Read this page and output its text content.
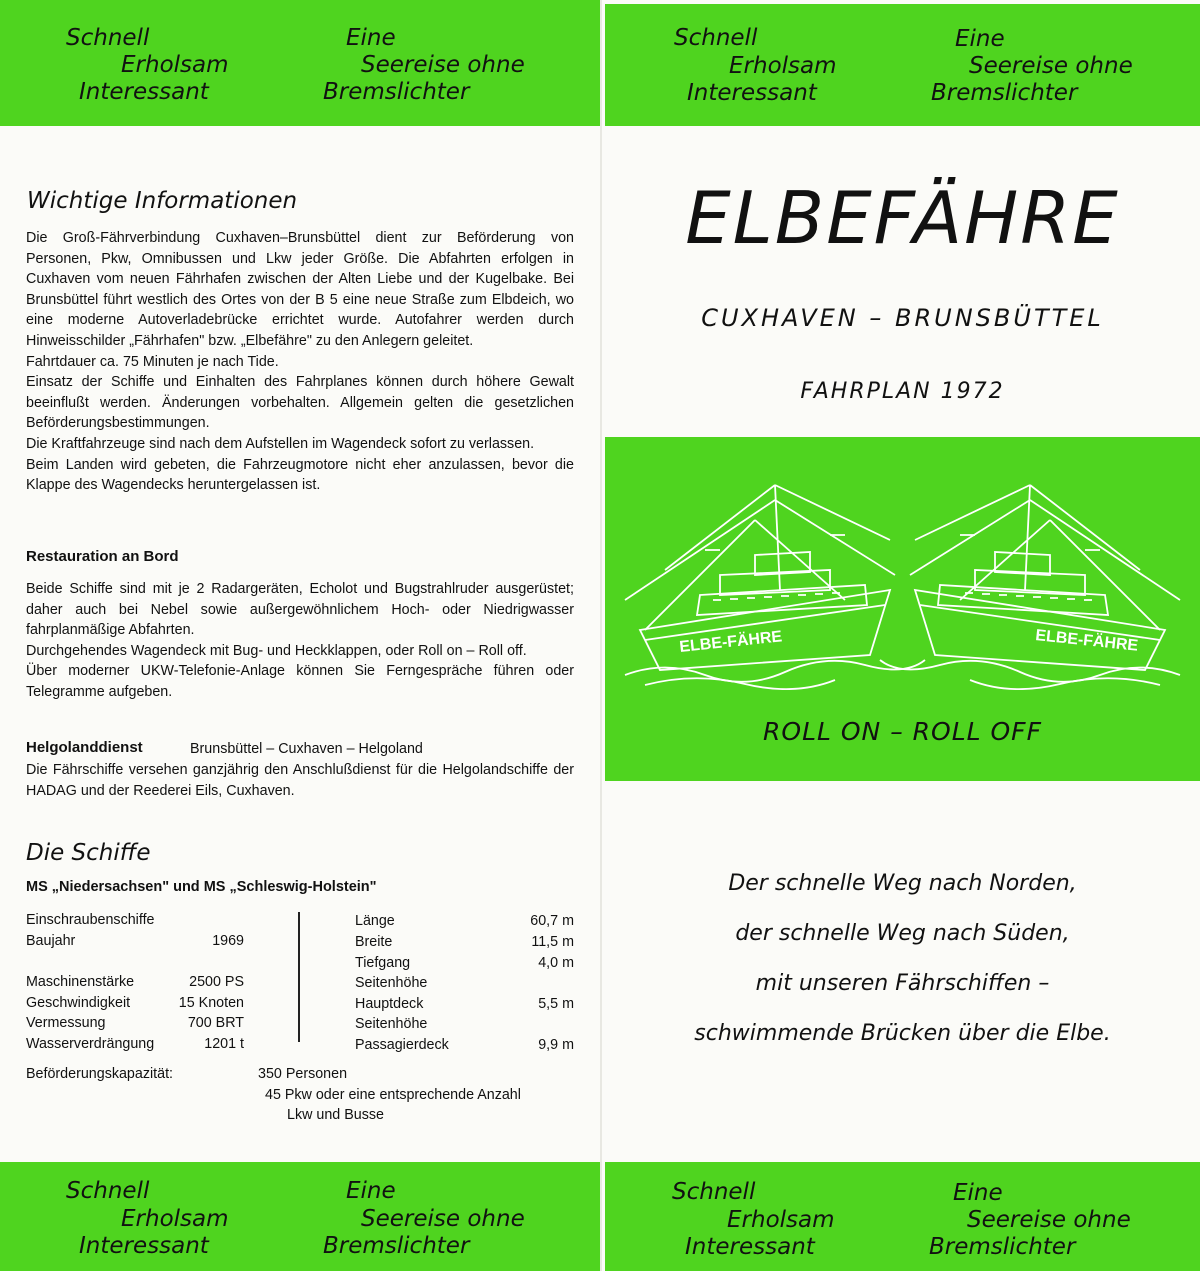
Schnell
Erholsam
Interessant
Eine
Seereise ohne
Bremslichter
Schnell
Erholsam
Interessant
Eine
Seereise ohne
Bremslichter
Schnell
Erholsam
Interessant
Eine
Seereise ohne
Bremslichter
Schnell
Erholsam
Interessant
Eine
Seereise ohne
Bremslichter
Wichtige Informationen

Die Groß-Fährverbindung Cuxhaven–Brunsbüttel dient zur Beförderung von Personen, Pkw, Omnibussen und Lkw jeder Größe. Die Abfahrten erfolgen in Cuxhaven vom neuen Fährhafen zwischen der Alten Liebe und der Kugelbake. Bei Brunsbüttel führt westlich des Ortes von der B 5 eine neue Straße zum Elbdeich, wo eine moderne Autoverladebrücke errichtet wurde. Autofahrer werden durch Hinweisschilder „Fährhafen" bzw. „Elbefähre" zu den Anlegern geleitet.

Fahrtdauer ca. 75 Minuten je nach Tide.

Einsatz der Schiffe und Einhalten des Fahrplanes können durch höhere Gewalt beeinflußt werden. Änderungen vorbehalten. Allgemein gelten die gesetzlichen Beförderungsbestimmungen.

Die Kraftfahrzeuge sind nach dem Aufstellen im Wagendeck sofort zu verlassen.

Beim Landen wird gebeten, die Fahrzeugmotore nicht eher anzulassen, bevor die Klappe des Wagendecks heruntergelassen ist.

Restauration an Bord

Beide Schiffe sind mit je 2 Radargeräten, Echolot und Bugstrahlruder ausgerüstet; daher auch bei Nebel sowie außergewöhnlichem Hoch- oder Niedrigwasser fahrplanmäßige Abfahrten.

Durchgehendes Wagendeck mit Bug- und Heckklappen, oder Roll on – Roll off.

Über moderner UKW-Telefonie-Anlage können Sie Ferngespräche führen oder Telegramme aufgeben.

Helgolanddienst	Brunsbüttel – Cuxhaven – Helgoland

Die Fährschiffe versehen ganzjährig den Anschlußdienst für die Helgolandschiffe der HADAG und der Reederei Eils, Cuxhaven.

Die Schiffe
MS „Niedersachsen" und MS „Schleswig-Holstein"
Einschraubenschiffe
Baujahr	1969
Maschinenstärke	2500 PS
Geschwindigkeit	15 Knoten
Vermessung	700 BRT
Wasserverdrängung	1201 t
Länge	60,7 m
Breite	11,5 m
Tiefgang	4,0 m
Seitenhöhe
Hauptdeck	5,5 m
Seitenhöhe
Passagierdeck	9,9 m
Beförderungskapazität:	350 Personen
45 Pkw oder eine entsprechende Anzahl
Lkw und Busse
ELBEFÄHRE
CUXHAVEN – BRUNSBÜTTEL
FAHRPLAN 1972
ELBE-FÄHRE	ELBE-FÄHRE
ROLL ON – ROLL OFF
Der schnelle Weg nach Norden,
der schnelle Weg nach Süden,
mit unseren Fährschiffen –
schwimmende Brücken über die Elbe.
